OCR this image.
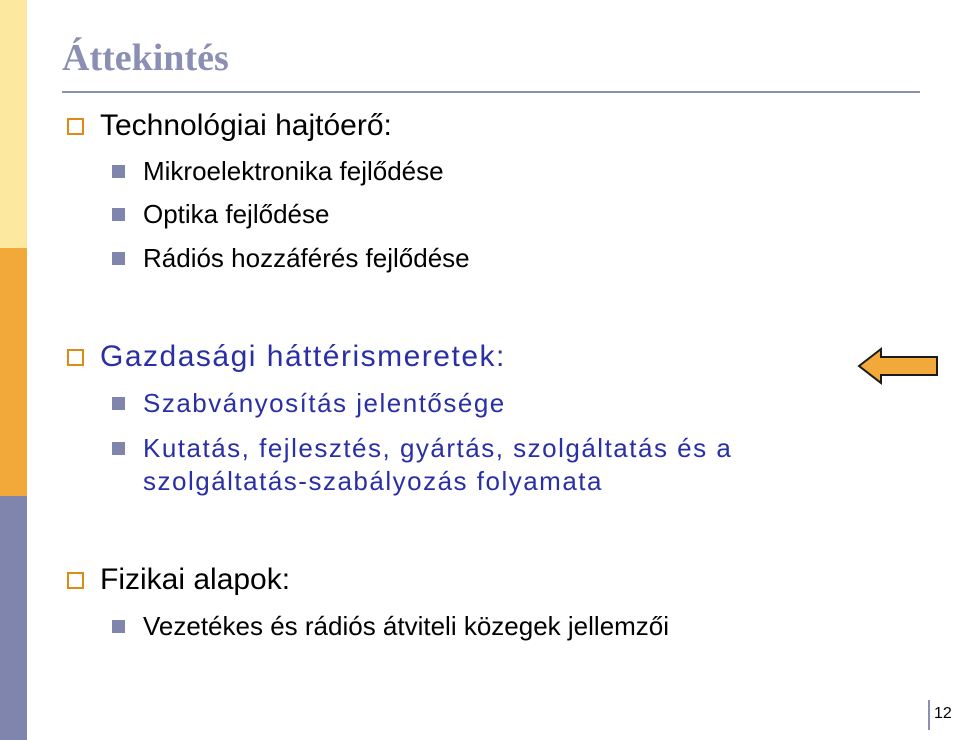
Áttekintés

Technológiai hajtóerő:

Mikroelektronika fejlődése

Optika fejlődése

Rádiós hozzáférés fejlődése

Gazdasági háttérismeretek:

Szabványosítás jelentősége

Kutatás, fejlesztés, gyártás, szolgáltatás és a

szolgáltatás-szabályozás folyamata

Fizikai alapok:

Vezetékes és rádiós átviteli közegek jellemzői

12
